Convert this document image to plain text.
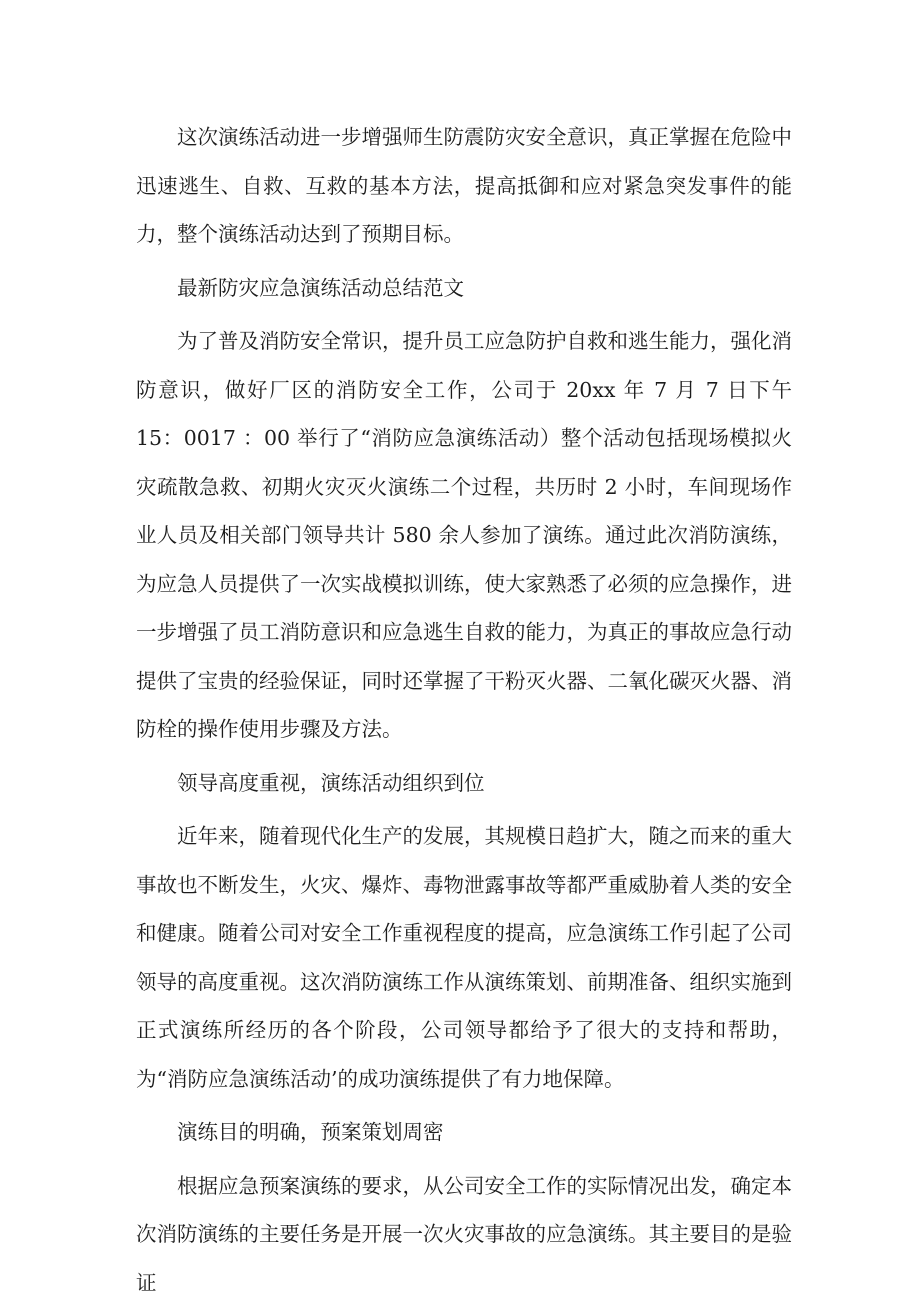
这次演练活动进一步增强师生防震防灾安全意识，真正掌握在危险中迅速逃生、自救、互救的基本方法，提高抵御和应对紧急突发事件的能力，整个演练活动达到了预期目标。

最新防灾应急演练活动总结范文

为了普及消防安全常识，提升员工应急防护自救和逃生能力，强化消防意识，做好厂区的消防安全工作，公司于 20xx 年 7 月 7 日下午 15：0017 ：00 举行了“消防应急演练活动）整个活动包括现场模拟火灾疏散急救、初期火灾灭火演练二个过程，共历时 2 小时，车间现场作业人员及相关部门领导共计 580 余人参加了演练。通过此次消防演练，为应急人员提供了一次实战模拟训练，使大家熟悉了必须的应急操作，进一步增强了员工消防意识和应急逃生自救的能力，为真正的事故应急行动提供了宝贵的经验保证，同时还掌握了干粉灭火器、二氧化碳灭火器、消防栓的操作使用步骤及方法。

领导高度重视，演练活动组织到位

近年来，随着现代化生产的发展，其规模日趋扩大，随之而来的重大事故也不断发生，火灾、爆炸、毒物泄露事故等都严重威胁着人类的安全和健康。随着公司对安全工作重视程度的提高，应急演练工作引起了公司领导的高度重视。这次消防演练工作从演练策划、前期准备、组织实施到正式演练所经历的各个阶段，公司领导都给予了很大的支持和帮助，为“消防应急演练活动’的成功演练提供了有力地保障。

演练目的明确，预案策划周密

根据应急预案演练的要求，从公司安全工作的实际情况出发，确定本次消防演练的主要任务是开展一次火灾事故的应急演练。其主要目的是验证
